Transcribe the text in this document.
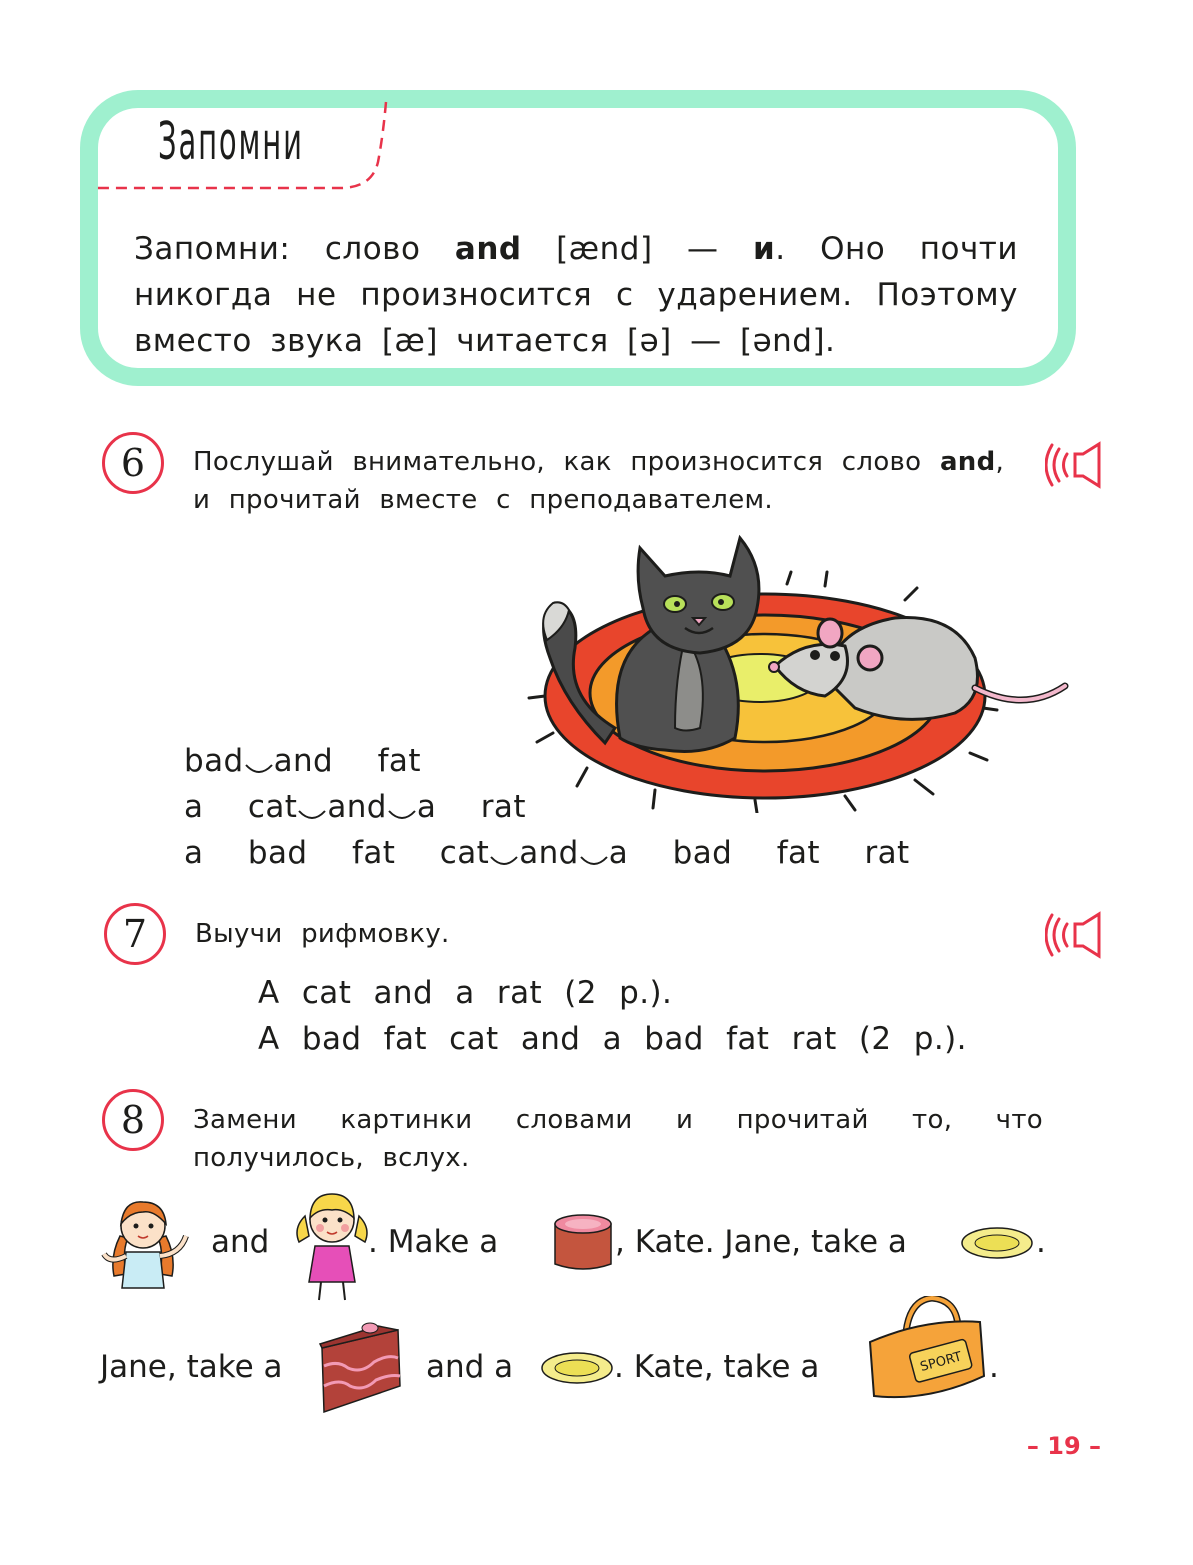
Запомни
Запомни: слово and [ænd] — и. Оно почти никогда не произносится с ударением. Поэтому вместо звука [æ] читается [ə] — [ənd].
6	Послушай внимательно, как произносится слово and, и прочитай вместе с преподавателем.
bad and fat
a cat and a rat
a bad fat cat and a bad fat rat
7	Выучи рифмовку.
A cat and a rat (2 р.).
A bad fat cat and a bad fat rat (2 р.).
8	Замени картинки словами и прочитай то, что получилось, вслух.
and	. Make a	, Kate. Jane, take a	.
Jane, take a	and a	. Kate, take a	SPORT .
– 19 –
